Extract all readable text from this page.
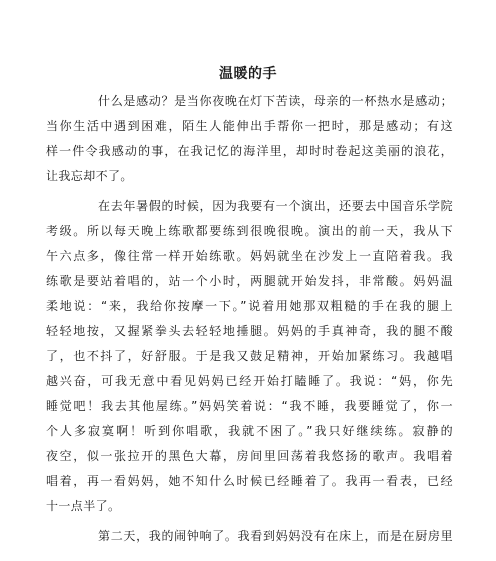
温暖的手
什么是感动？是当你夜晚在灯下苦读，母亲的一杯热水是感动；
当你生活中遇到困难，陌生人能伸出手帮你一把时，那是感动；有这
样一件令我感动的事，在我记忆的海洋里，却时时卷起这美丽的浪花，
让我忘却不了。
在去年暑假的时候，因为我要有一个演出，还要去中国音乐学院
考级。所以每天晚上练歌都要练到很晚很晚。演出的前一天，我从下
午六点多，像往常一样开始练歌。妈妈就坐在沙发上一直陪着我。我
练歌是要站着唱的，站一个小时，两腿就开始发抖，非常酸。妈妈温
柔地说：“来，我给你按摩一下。”说着用她那双粗糙的手在我的腿上
轻轻地按，又握紧拳头去轻轻地捶腿。妈妈的手真神奇，我的腿不酸
了，也不抖了，好舒服。于是我又鼓足精神，开始加紧练习。我越唱
越兴奋，可我无意中看见妈妈已经开始打瞌睡了。我说：“妈，你先
睡觉吧！我去其他屋练。”妈妈笑着说：“我不睡，我要睡觉了，你一
个人多寂寞啊！听到你唱歌，我就不困了。”我只好继续练。寂静的
夜空，似一张拉开的黑色大幕，房间里回荡着我悠扬的歌声。我唱着
唱着，再一看妈妈，她不知什么时候已经睡着了。我再一看表，已经
十一点半了。
第二天，我的闹钟响了。我看到妈妈没有在床上，而是在厨房里
